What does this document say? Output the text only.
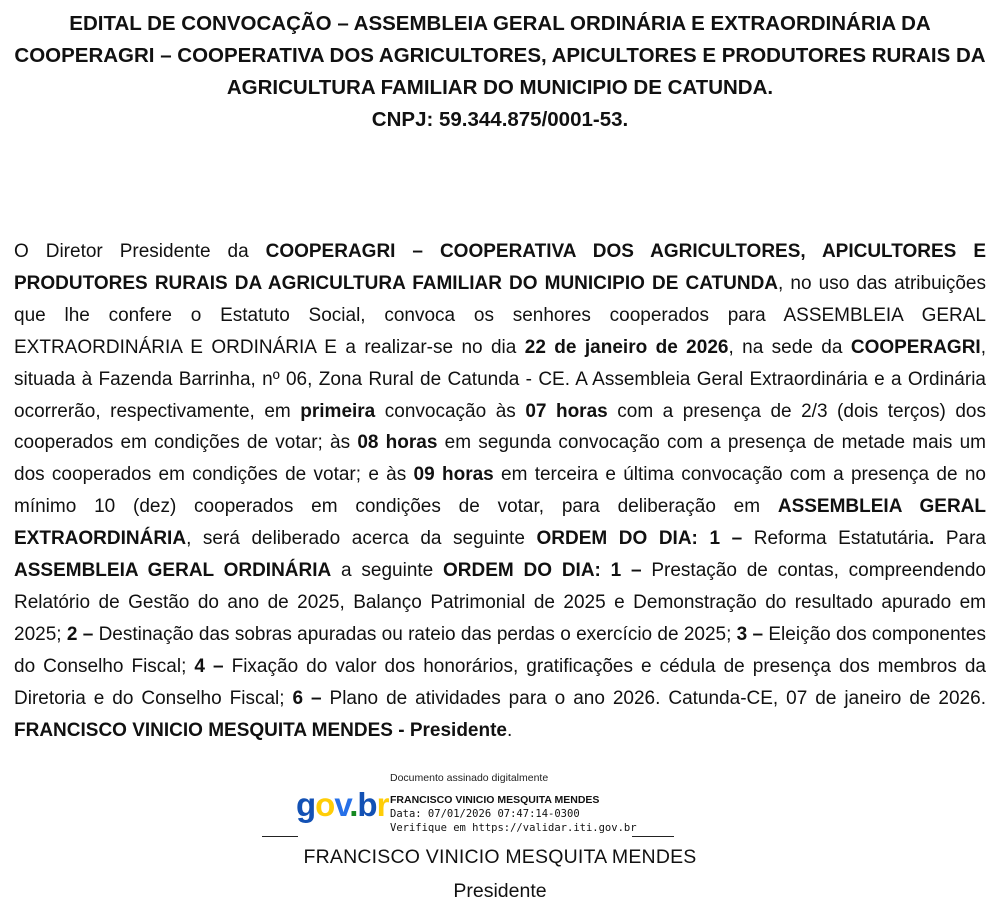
EDITAL DE CONVOCAÇÃO – ASSEMBLEIA GERAL ORDINÁRIA E EXTRAORDINÁRIA DA
COOPERAGRI – COOPERATIVA DOS AGRICULTORES, APICULTORES E PRODUTORES RURAIS DA
AGRICULTURA FAMILIAR DO MUNICIPIO DE CATUNDA.
CNPJ: 59.344.875/0001-53.
O Diretor Presidente da COOPERAGRI – COOPERATIVA DOS AGRICULTORES, APICULTORES E PRODUTORES RURAIS DA AGRICULTURA FAMILIAR DO MUNICIPIO DE CATUNDA, no uso das atribuições que lhe confere o Estatuto Social, convoca os senhores cooperados para ASSEMBLEIA GERAL EXTRAORDINÁRIA E ORDINÁRIA E a realizar-se no dia 22 de janeiro de 2026, na sede da COOPERAGRI, situada à Fazenda Barrinha, nº 06, Zona Rural de Catunda - CE. A Assembleia Geral Extraordinária e a Ordinária ocorrerão, respectivamente, em primeira convocação às 07 horas com a presença de 2/3 (dois terços) dos cooperados em condições de votar; às 08 horas em segunda convocação com a presença de metade mais um dos cooperados em condições de votar; e às 09 horas em terceira e última convocação com a presença de no mínimo 10 (dez) cooperados em condições de votar, para deliberação em ASSEMBLEIA GERAL EXTRAORDINÁRIA, será deliberado acerca da seguinte ORDEM DO DIA: 1 – Reforma Estatutária. Para ASSEMBLEIA GERAL ORDINÁRIA a seguinte ORDEM DO DIA: 1 – Prestação de contas, compreendendo Relatório de Gestão do ano de 2025, Balanço Patrimonial de 2025 e Demonstração do resultado apurado em 2025; 2 – Destinação das sobras apuradas ou rateio das perdas o exercício de 2025; 3 – Eleição dos componentes do Conselho Fiscal; 4 – Fixação do valor dos honorários, gratificações e cédula de presença dos membros da Diretoria e do Conselho Fiscal; 6 – Plano de atividades para o ano 2026. Catunda-CE, 07 de janeiro de 2026. FRANCISCO VINICIO MESQUITA MENDES - Presidente.
gov.br
Documento assinado digitalmente
FRANCISCO VINICIO MESQUITA MENDES
Data: 07/01/2026 07:47:14-0300
Verifique em https://validar.iti.gov.br
FRANCISCO VINICIO MESQUITA MENDES
Presidente
